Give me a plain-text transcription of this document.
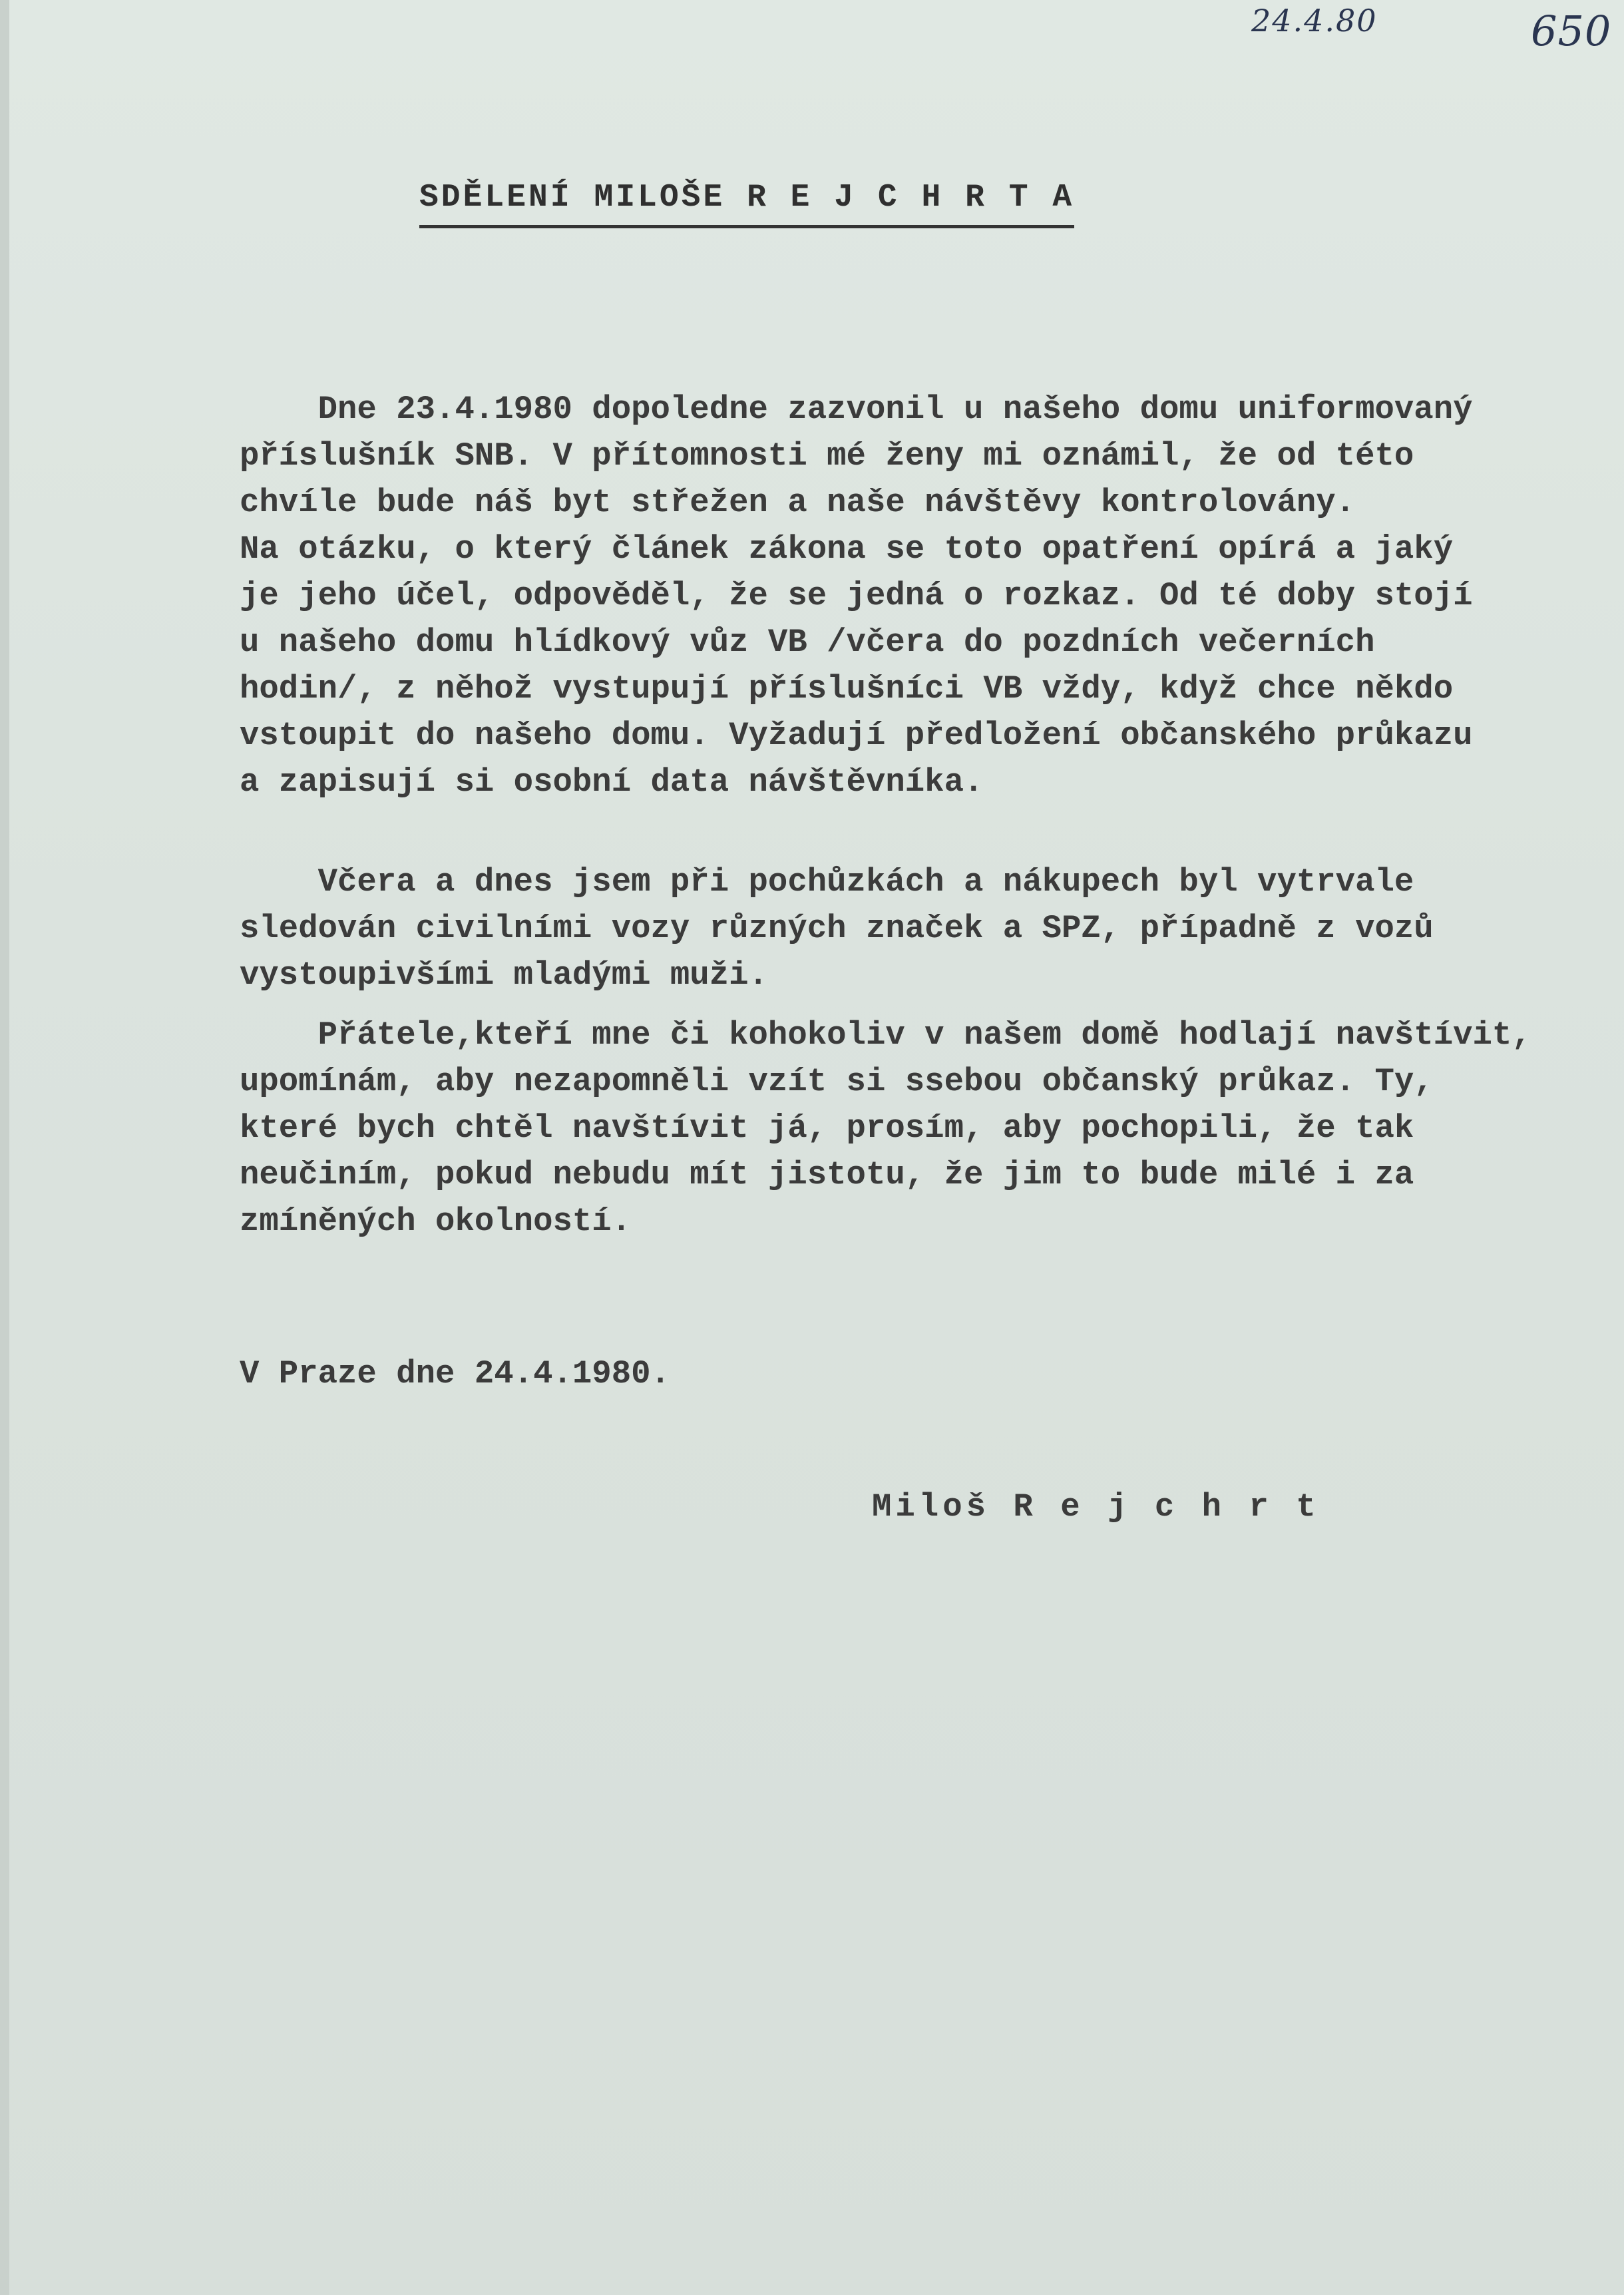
24.4.80	650
SDĚLENÍ MILOŠE R E J C H R T A

Dne 23.4.1980 dopoledne zazvonil u našeho domu uniformovaný
příslušník SNB. V přítomnosti mé ženy mi oznámil, že od této
chvíle bude náš byt střežen a naše návštěvy kontrolovány.
Na otázku, o který článek zákona se toto opatření opírá a jaký
je jeho účel, odpověděl, že se jedná o rozkaz. Od té doby stojí
u našeho domu hlídkový vůz VB /včera do pozdních večerních
hodin/, z něhož vystupují příslušníci VB vždy, když chce někdo
vstoupit do našeho domu. Vyžadují předložení občanského průkazu
a zapisují si osobní data návštěvníka.

Včera a dnes jsem při pochůzkách a nákupech byl vytrvale
sledován civilními vozy různých značek a SPZ, případně z vozů
vystoupivšími mladými muži.

Přátele,kteří mne či kohokoliv v našem domě hodlají navštívit,
upomínám, aby nezapomněli vzít si ssebou občanský průkaz. Ty,
které bych chtěl navštívit já, prosím, aby pochopili, že tak
neučiním, pokud nebudu mít jistotu, že jim to bude milé i za
zmíněných okolností.

V Praze dne 24.4.1980.
Miloš R e j c h r t
